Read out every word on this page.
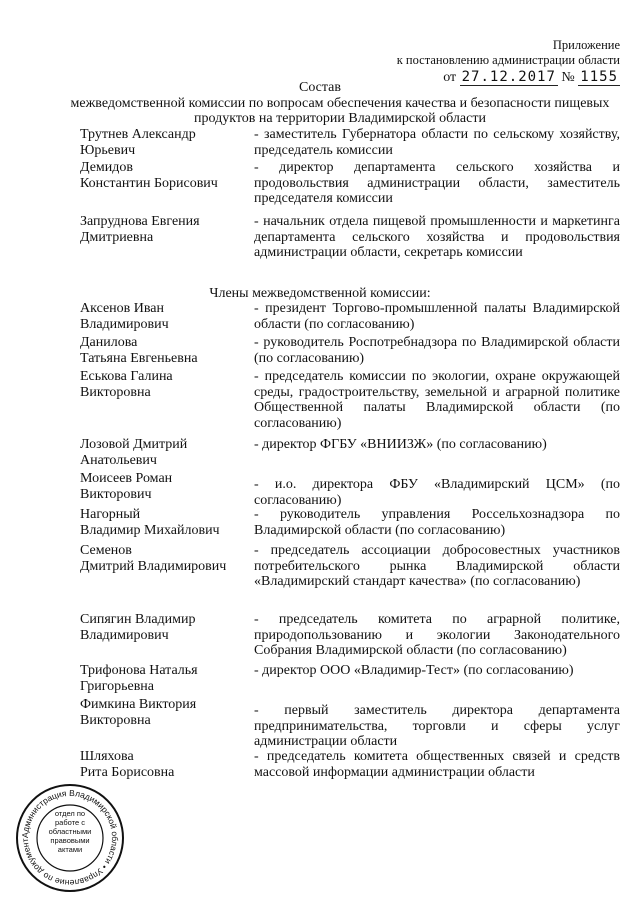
Приложение
к постановлению администрации области
от 27.12.2017 № 1155
Состав
межведомственной комиссии по вопросам обеспечения качества и безопасности пищевых продуктов на территории Владимирской области
Трутнев Александр
Юрьевич
- заместитель Губернатора области по сельскому хозяйству, председатель комиссии
Демидов
Константин Борисович
- директор департамента сельского хозяйства и продовольствия администрации области, заместитель председателя комиссии
Запруднова Евгения
Дмитриевна
- начальник отдела пищевой промышленности и маркетинга департамента сельского хозяйства и продовольствия администрации области, секретарь комиссии
Члены межведомственной комиссии:
Аксенов Иван
Владимирович
- президент Торгово-промышленной палаты Владимирской области (по согласованию)
Данилова
Татьяна Евгеньевна
- руководитель Роспотребнадзора по Владимирской области (по согласованию)
Еськова Галина
Викторовна
- председатель комиссии по экологии, охране окружающей среды, градостроительству, земельной и аграрной политике Общественной палаты Владимирской области (по согласованию)
Лозовой Дмитрий
Анатольевич
- директор ФГБУ «ВНИИЗЖ» (по согласованию)
Моисеев Роман
Викторович
- и.о. директора ФБУ «Владимирский ЦСМ» (по согласованию)
Нагорный
Владимир Михайлович
- руководитель управления Россельхознадзора по Владимирской области (по согласованию)
Семенов
Дмитрий Владимирович
- председатель ассоциации добросовестных участников потребительского рынка Владимирской области «Владимирский стандарт качества» (по согласованию)
Сипягин Владимир
Владимирович
- председатель комитета по аграрной политике, природопользованию и экологии Законодательного Собрания Владимирской области (по согласованию)
Трифонова Наталья
Григорьевна
- директор ООО «Владимир-Тест» (по согласованию)
Фимкина Виктория
Викторовна
- первый заместитель директора департамента предпринимательства, торговли и сферы услуг администрации области
Шляхова
Рита Борисовна
- председатель комитета общественных связей и средств массовой информации администрации области
Администрация Владимирской области • Управление по документ
отдел по работе с областными правовыми актами
